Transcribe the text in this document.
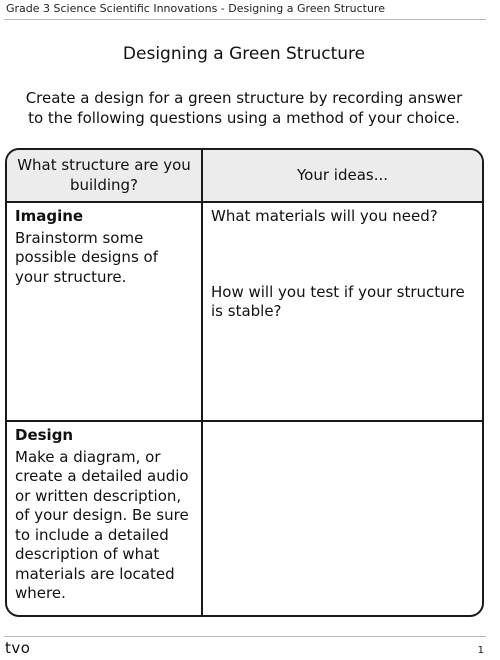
Grade 3 Science Scientific Innovations - Designing a Green Structure
Designing a Green Structure
Create a design for a green structure by recording answer to the following questions using a method of your choice.
What structure are you building?
Your ideas...
Imagine
Brainstorm some possible designs of your structure.
What materials will you need?
How will you test if your structure is stable?
Design
Make a diagram, or create a detailed audio or written description, of your design. Be sure to include a detailed description of what materials are located where.
tvo	1
